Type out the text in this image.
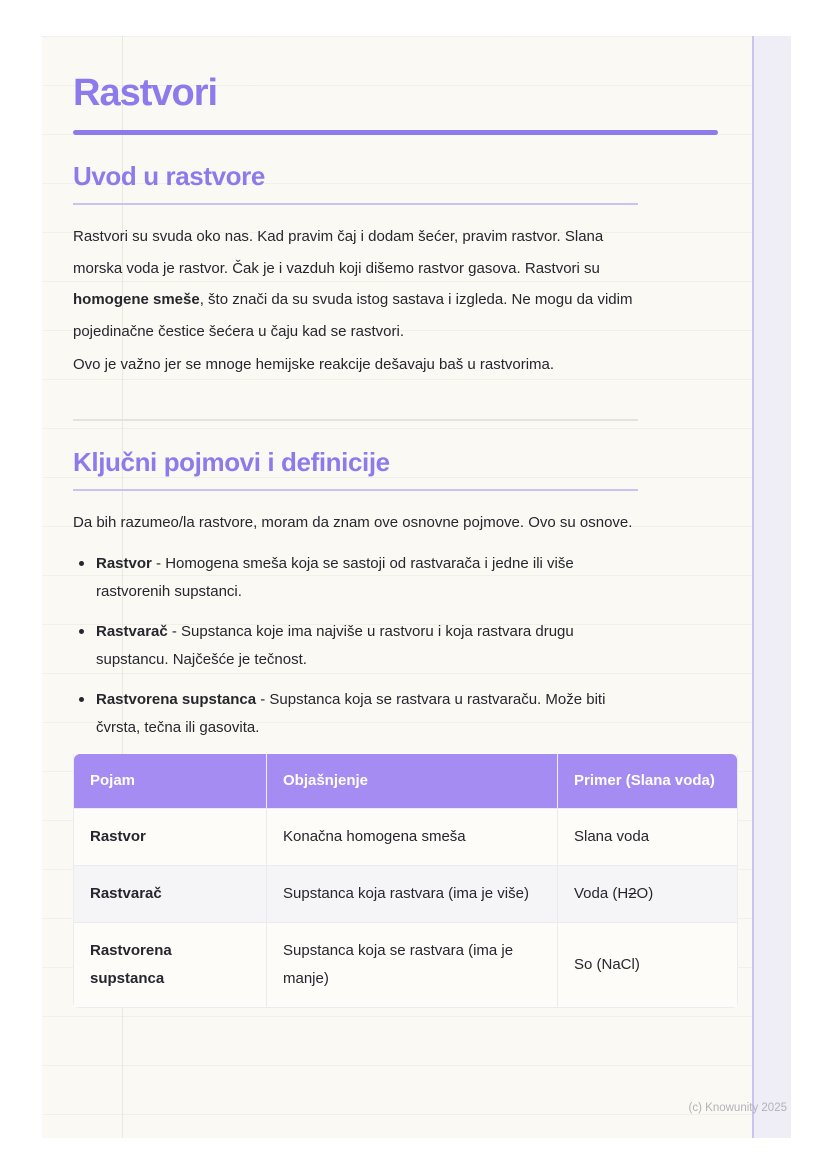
Rastvori
Uvod u rastvore

Rastvori su svuda oko nas. Kad pravim čaj i dodam šećer, pravim rastvor. Slana morska voda je rastvor. Čak je i vazduh koji dišemo rastvor gasova. Rastvori su homogene smeše, što znači da su svuda istog sastava i izgleda. Ne mogu da vidim pojedinačne čestice šećera u čaju kad se rastvori.

Ovo je važno jer se mnoge hemijske reakcije dešavaju baš u rastvorima.

Ključni pojmovi i definicije

Da bih razumeo/la rastvore, moram da znam ove osnovne pojmove. Ovo su osnove.

Rastvor - Homogena smeša koja se sastoji od rastvarača i jedne ili više rastvorenih supstanci.
Rastvarač - Supstanca koje ima najviše u rastvoru i koja rastvara drugu supstancu. Najčešće je tečnost.
Rastvorena supstanca - Supstanca koja se rastvara u rastvaraču. Može biti čvrsta, tečna ili gasovita.
Pojam	Objašnjenje	Primer (Slana voda)
Rastvor	Konačna homogena smeša	Slana voda
Rastvarač	Supstanca koja rastvara (ima je više)	Voda (H2O)
Rastvorena supstanca	Supstanca koja se rastvara (ima je manje)	So (NaCl)
(c) Knowunity 2025
